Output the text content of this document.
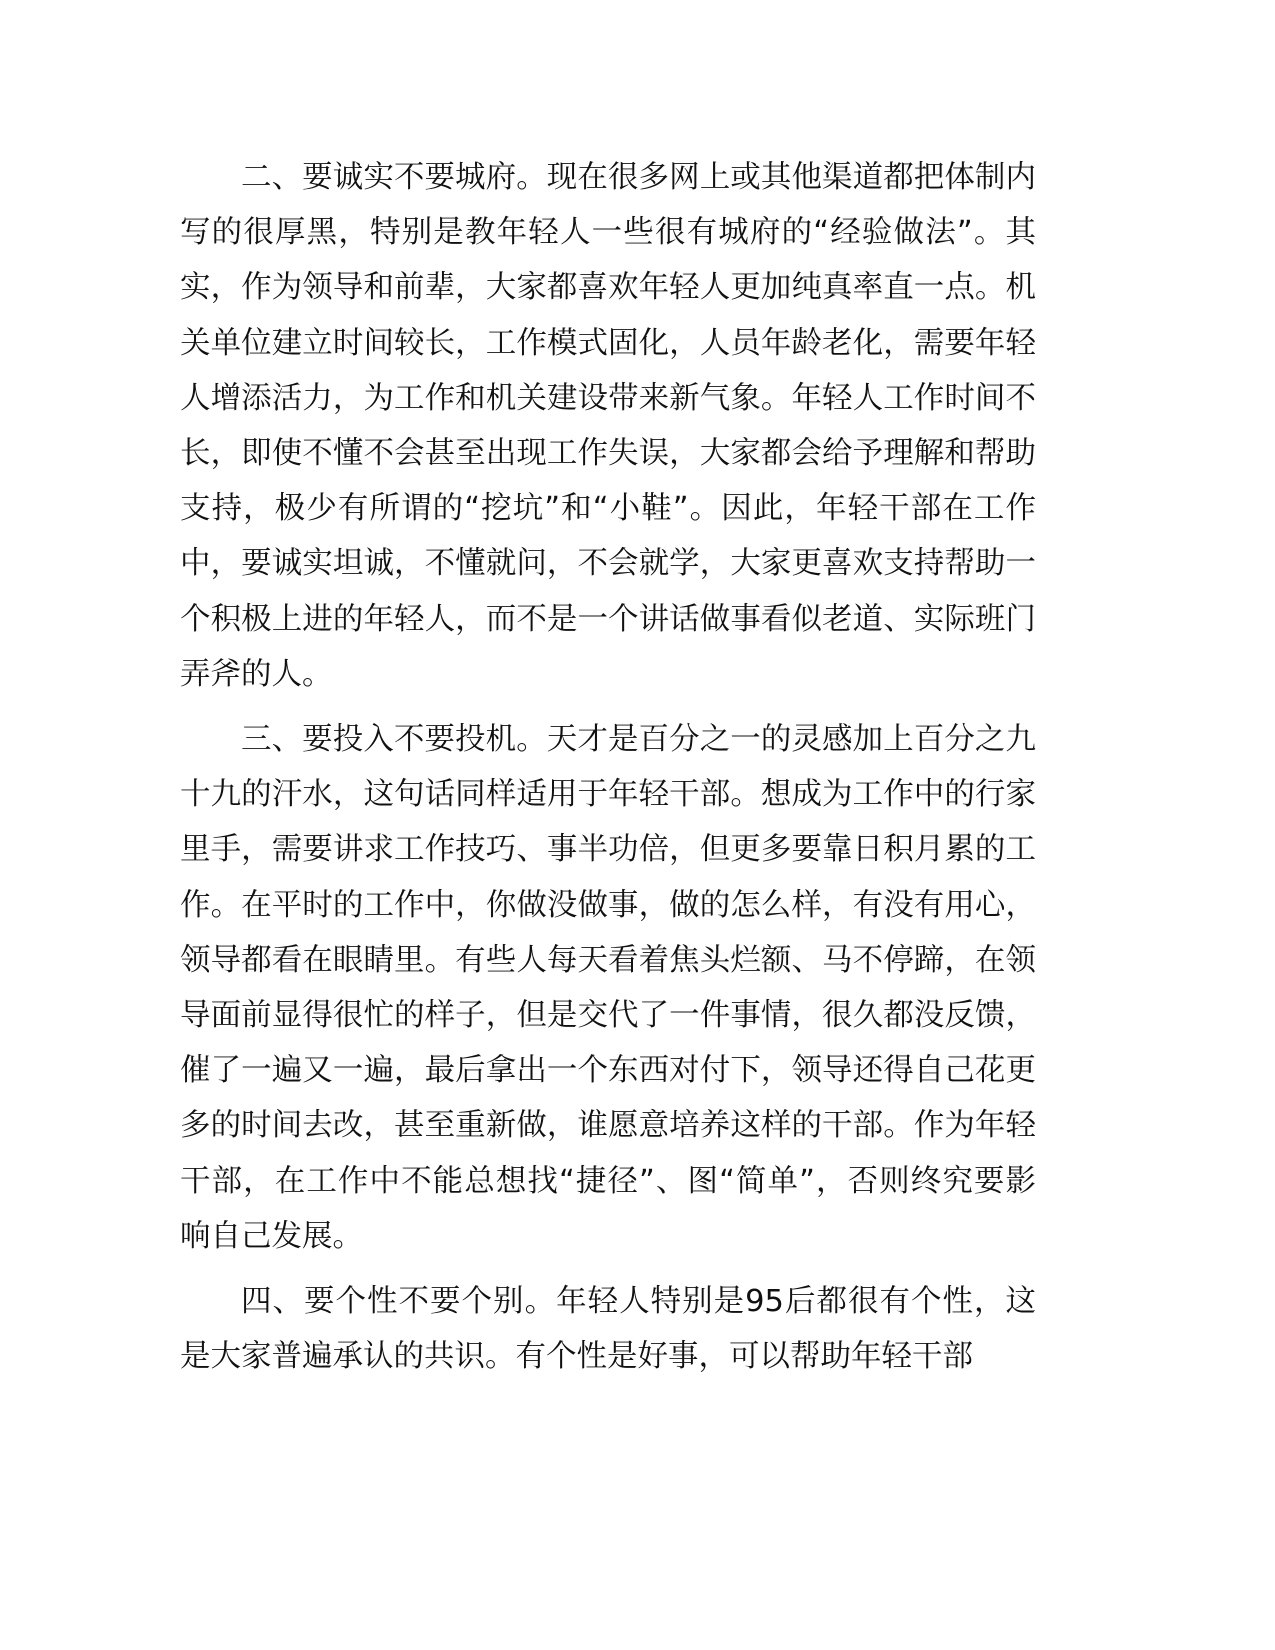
二、要诚实不要城府。现在很多网上或其他渠道都把体制内写的很厚黑，特别是教年轻人一些很有城府的“经验做法”。其实，作为领导和前辈，大家都喜欢年轻人更加纯真率直一点。机关单位建立时间较长，工作模式固化，人员年龄老化，需要年轻人增添活力，为工作和机关建设带来新气象。年轻人工作时间不长，即使不懂不会甚至出现工作失误，大家都会给予理解和帮助支持，极少有所谓的“挖坑”和“小鞋”。因此，年轻干部在工作中，要诚实坦诚，不懂就问，不会就学，大家更喜欢支持帮助一个积极上进的年轻人，而不是一个讲话做事看似老道、实际班门弄斧的人。

三、要投入不要投机。天才是百分之一的灵感加上百分之九十九的汗水，这句话同样适用于年轻干部。想成为工作中的行家里手，需要讲求工作技巧、事半功倍，但更多要靠日积月累的工作。在平时的工作中，你做没做事，做的怎么样，有没有用心，领导都看在眼睛里。有些人每天看着焦头烂额、马不停蹄，在领导面前显得很忙的样子，但是交代了一件事情，很久都没反馈，催了一遍又一遍，最后拿出一个东西对付下，领导还得自己花更多的时间去改，甚至重新做，谁愿意培养这样的干部。作为年轻干部，在工作中不能总想找“捷径”、图“简单”，否则终究要影响自己发展。

四、要个性不要个别。年轻人特别是95后都很有个性，这是大家普遍承认的共识。有个性是好事，可以帮助年轻干部
